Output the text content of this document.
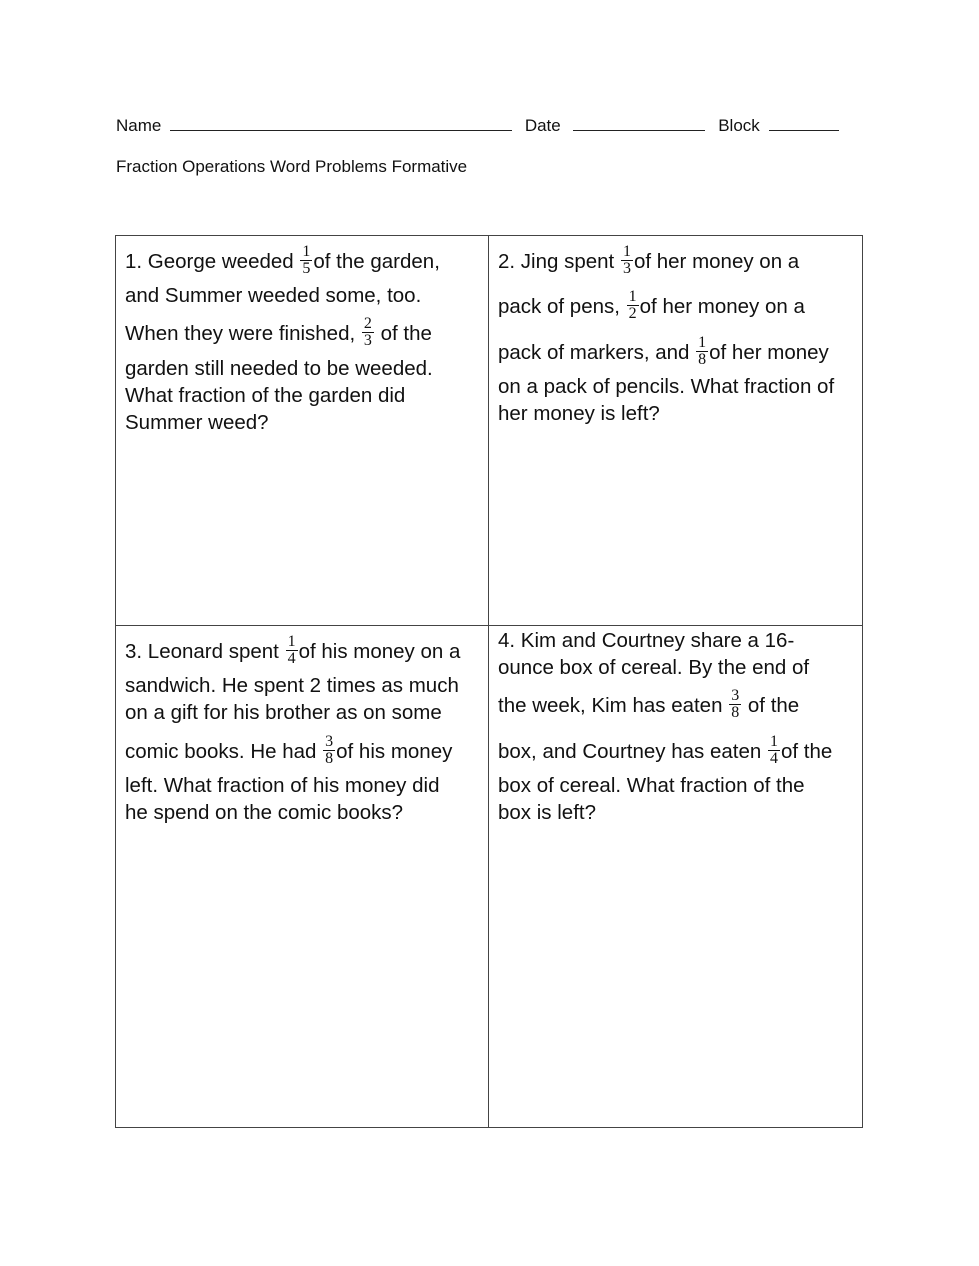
Name	Date	Block
Fraction Operations Word Problems Formative
1. George weeded $\frac{1}{5}$ of the garden,
and Summer weeded some, too.
When they were finished, $\frac{2}{3}$ of the
garden still needed to be weeded.
What fraction of the garden did
Summer weed?
2. Jing spent $\frac{1}{3}$ of her money on a
pack of pens, $\frac{1}{2}$ of her money on a
pack of markers, and $\frac{1}{8}$ of her money
on a pack of pencils. What fraction of
her money is left?
3. Leonard spent $\frac{1}{4}$ of his money on a
sandwich. He spent 2 times as much
on a gift for his brother as on some
comic books. He had $\frac{3}{8}$ of his money
left. What fraction of his money did
he spend on the comic books?
4. Kim and Courtney share a 16-
ounce box of cereal. By the end of
the week, Kim has eaten $\frac{3}{8}$ of the
box, and Courtney has eaten $\frac{1}{4}$ of the
box of cereal. What fraction of the
box is left?
